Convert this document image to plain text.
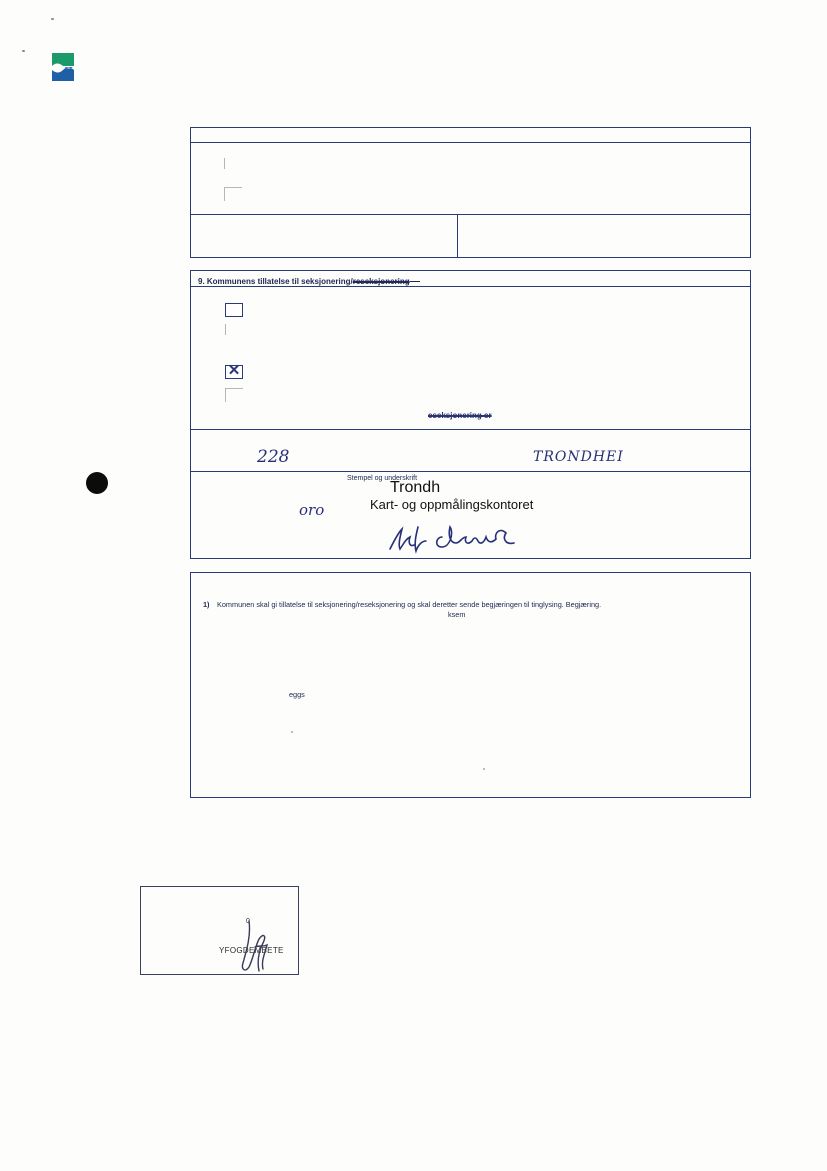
9. Kommunens tillatelse til seksjonering/reseksjonering
✕
eseksjonering er
228	TRONDHEI
Stempel og underskrift
Trondh
Kart- og oppmålingskontoret
oro
1) Kommunen skal gi tillatelse til seksjonering/reseksjonering og skal deretter sende begjæringen til tinglysing. Begjæring.
ksem
eggs
0
YFOGDEMBETE
